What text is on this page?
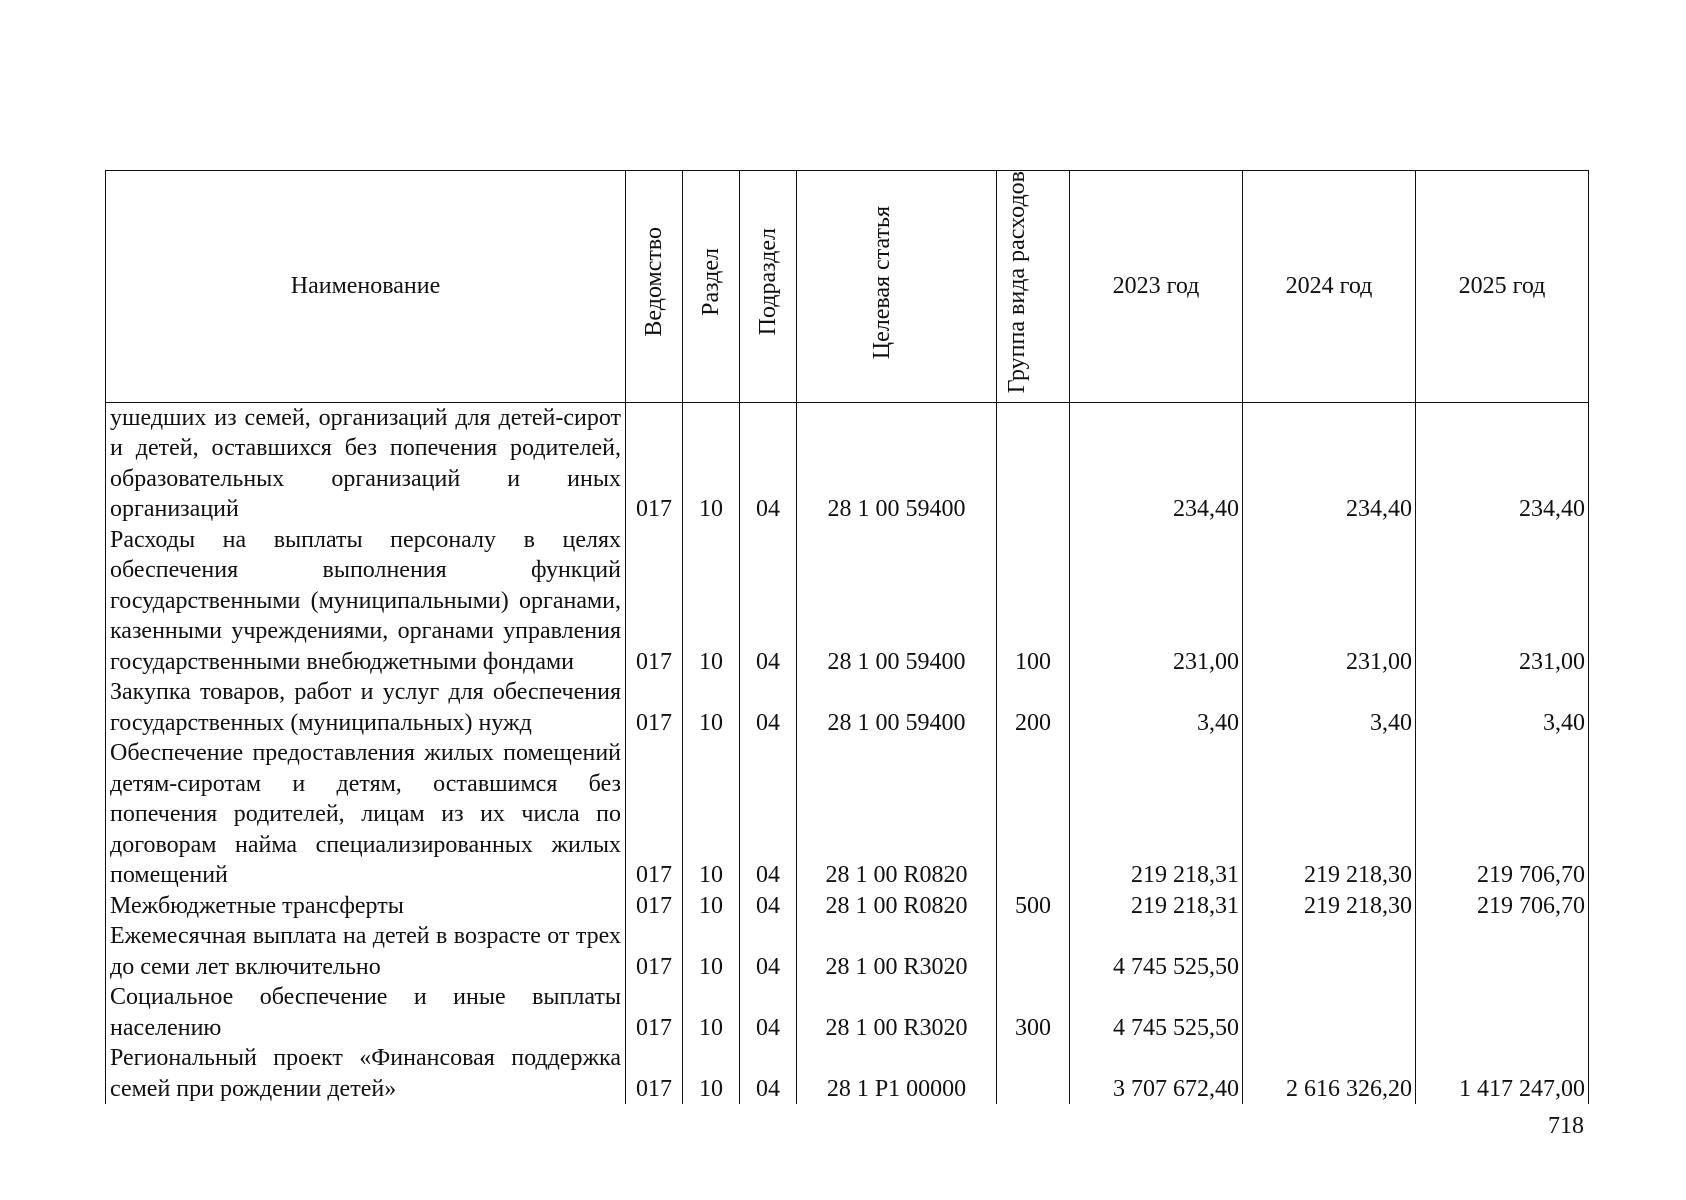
Наименование	Ведомство	Раздел	Подраздел	Целевая статья	Группа вида расходов	2023 год	2024 год	2025 год
ушедших из семей, организаций для детей-сирот и детей, оставшихся без попечения родителей, образовательных организаций и иных организаций	017	10	04	28 1 00 59400		234,40	234,40	234,40
Расходы на выплаты персоналу в целях обеспечения выполнения функций государственными (муниципальными) органами, казенными учреждениями, органами управления государственными внебюджетными фондами	017	10	04	28 1 00 59400	100	231,00	231,00	231,00
Закупка товаров, работ и услуг для обеспечения государственных (муниципальных) нужд	017	10	04	28 1 00 59400	200	3,40	3,40	3,40
Обеспечение предоставления жилых помещений детям-сиротам и детям, оставшимся без попечения родителей, лицам из их числа по договорам найма специализированных жилых помещений	017	10	04	28 1 00 R0820		219 218,31	219 218,30	219 706,70
Межбюджетные трансферты	017	10	04	28 1 00 R0820	500	219 218,31	219 218,30	219 706,70
Ежемесячная выплата на детей в возрасте от трех до семи лет включительно	017	10	04	28 1 00 R3020		4 745 525,50		
Социальное обеспечение и иные выплаты населению	017	10	04	28 1 00 R3020	300	4 745 525,50		
Региональный проект «Финансовая поддержка семей при рождении детей»	017	10	04	28 1 P1 00000		3 707 672,40	2 616 326,20	1 417 247,00
718
